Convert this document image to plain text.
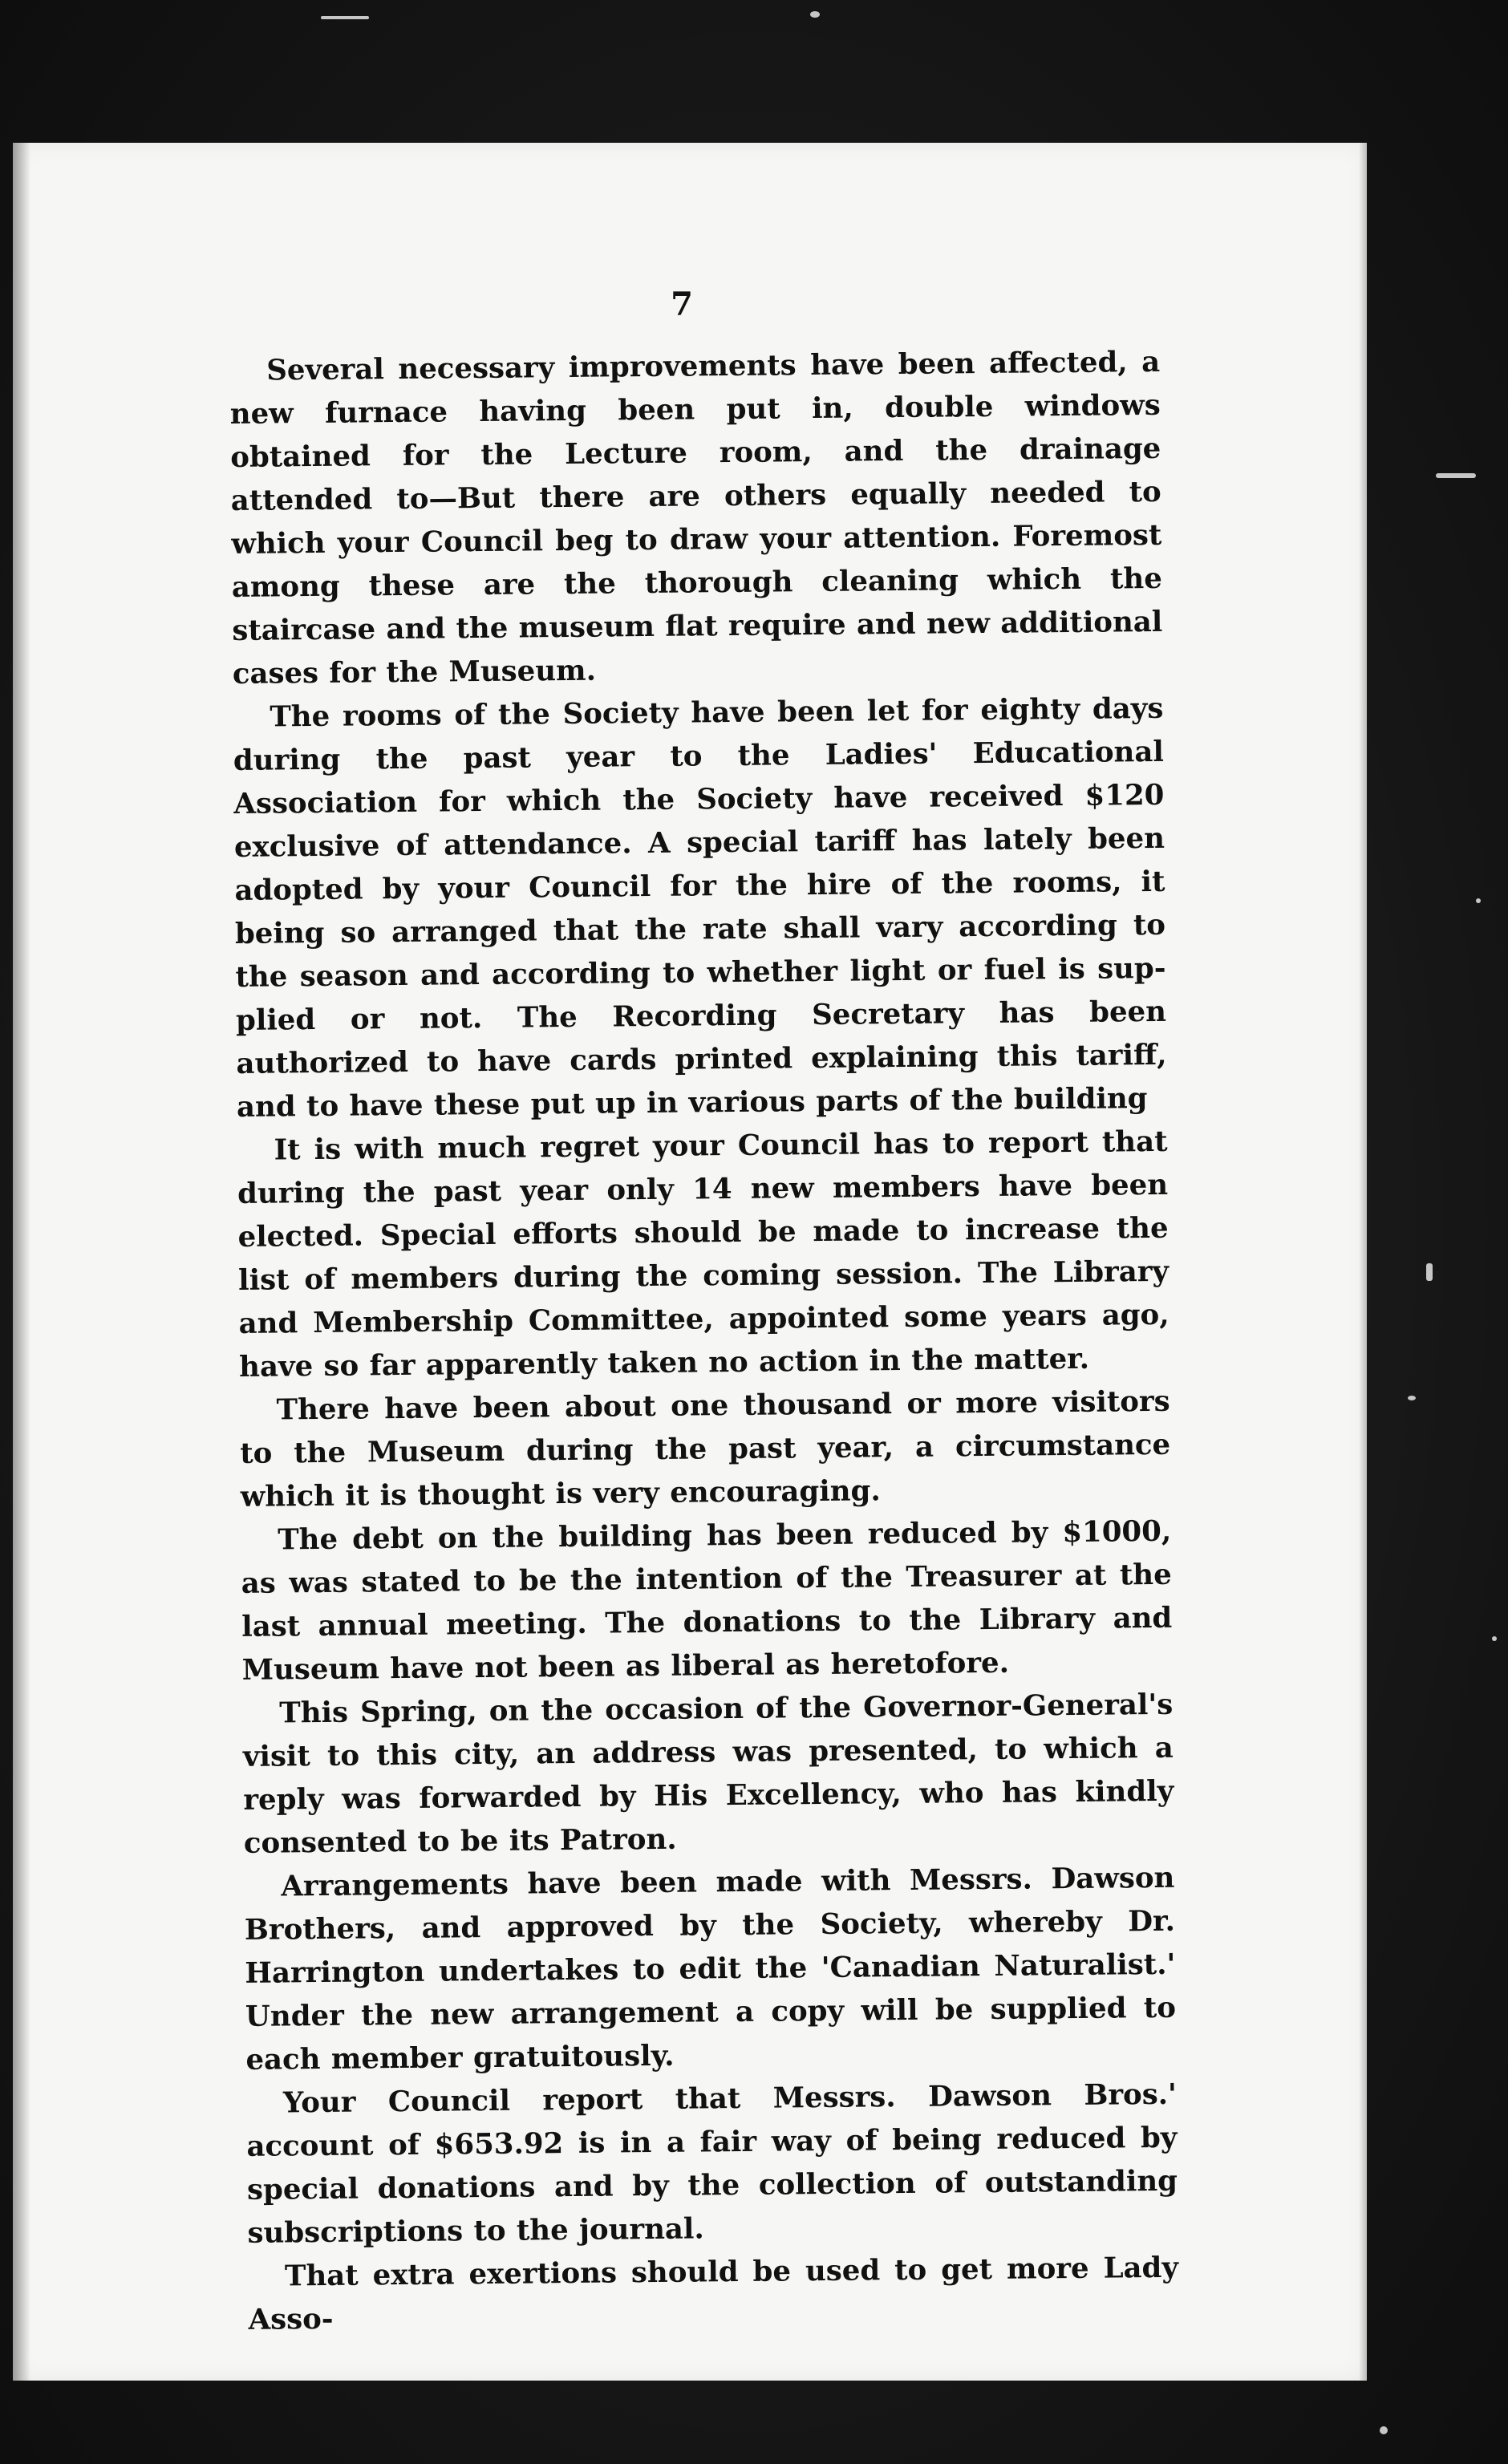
7

Several necessary improvements have been affected, a new furnace having been put in, double windows obtained for the Lecture room, and the drainage attended to—But there are others equally needed to which your Council beg to draw your attention. Foremost among these are the thorough cleaning which the staircase and the museum flat require and new additional cases for the Museum.

The rooms of the Society have been let for eighty days during the past year to the Ladies' Educational Association for which the Society have received $120 exclusive of attendance. A special tariff has lately been adopted by your Council for the hire of the rooms, it being so arranged that the rate shall vary according to the season and according to whether light or fuel is supplied or not. The Recording Secretary has been authorized to have cards printed explaining this tariff, and to have these put up in various parts of the building

It is with much regret your Council has to report that during the past year only 14 new members have been elected. Special efforts should be made to increase the list of members during the coming session. The Library and Membership Committee, appointed some years ago, have so far apparently taken no action in the matter.

There have been about one thousand or more visitors to the Museum during the past year, a circumstance which it is thought is very encouraging.

The debt on the building has been reduced by $1000, as was stated to be the intention of the Treasurer at the last annual meeting. The donations to the Library and Museum have not been as liberal as heretofore.

This Spring, on the occasion of the Governor-General's visit to this city, an address was presented, to which a reply was forwarded by His Excellency, who has kindly consented to be its Patron.

Arrangements have been made with Messrs. Dawson Brothers, and approved by the Society, whereby Dr. Harrington undertakes to edit the 'Canadian Naturalist.' Under the new arrangement a copy will be supplied to each member gratuitously.

Your Council report that Messrs. Dawson Bros.' account of $653.92 is in a fair way of being reduced by special donations and by the collection of outstanding subscriptions to the journal.

That extra exertions should be used to get more Lady Asso-
